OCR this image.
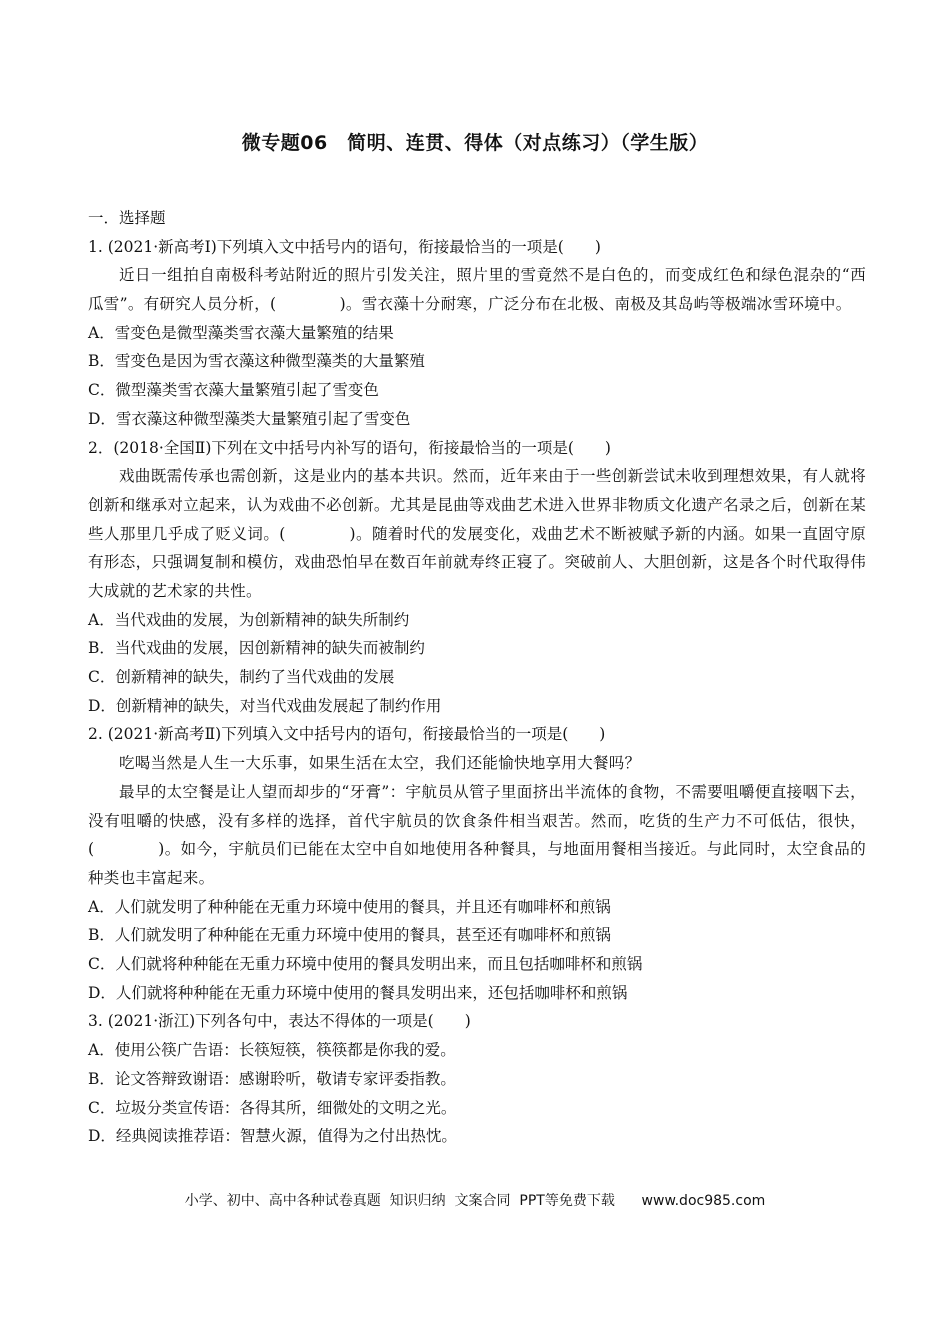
微专题06　简明、连贯、得体（对点练习）（学生版）
一．选择题
1. (2021·新高考Ⅰ)下列填入文中括号内的语句，衔接最恰当的一项是(　　)

近日一组拍自南极科考站附近的照片引发关注，照片里的雪竟然不是白色的，而变成红色和绿色混杂的“西瓜雪”。有研究人员分析，(　　　　)。雪衣藻十分耐寒，广泛分布在北极、南极及其岛屿等极端冰雪环境中。

A．雪变色是微型藻类雪衣藻大量繁殖的结果
B．雪变色是因为雪衣藻这种微型藻类的大量繁殖
C．微型藻类雪衣藻大量繁殖引起了雪变色
D．雪衣藻这种微型藻类大量繁殖引起了雪变色
2．(2018·全国Ⅱ)下列在文中括号内补写的语句，衔接最恰当的一项是(　　)

戏曲既需传承也需创新，这是业内的基本共识。然而，近年来由于一些创新尝试未收到理想效果，有人就将创新和继承对立起来，认为戏曲不必创新。尤其是昆曲等戏曲艺术进入世界非物质文化遗产名录之后，创新在某些人那里几乎成了贬义词。(　　　　)。随着时代的发展变化，戏曲艺术不断被赋予新的内涵。如果一直固守原有形态，只强调复制和模仿，戏曲恐怕早在数百年前就寿终正寝了。突破前人、大胆创新，这是各个时代取得伟大成就的艺术家的共性。

A．当代戏曲的发展，为创新精神的缺失所制约
B．当代戏曲的发展，因创新精神的缺失而被制约
C．创新精神的缺失，制约了当代戏曲的发展
D．创新精神的缺失，对当代戏曲发展起了制约作用
2. (2021·新高考Ⅱ)下列填入文中括号内的语句，衔接最恰当的一项是(　　)

吃喝当然是人生一大乐事，如果生活在太空，我们还能愉快地享用大餐吗？

最早的太空餐是让人望而却步的“牙膏”：宇航员从管子里面挤出半流体的食物，不需要咀嚼便直接咽下去，没有咀嚼的快感，没有多样的选择，首代宇航员的饮食条件相当艰苦。然而，吃货的生产力不可低估，很快，(　　　　)。如今，宇航员们已能在太空中自如地使用各种餐具，与地面用餐相当接近。与此同时，太空食品的种类也丰富起来。

A．人们就发明了种种能在无重力环境中使用的餐具，并且还有咖啡杯和煎锅
B．人们就发明了种种能在无重力环境中使用的餐具，甚至还有咖啡杯和煎锅
C．人们就将种种能在无重力环境中使用的餐具发明出来，而且包括咖啡杯和煎锅
D．人们就将种种能在无重力环境中使用的餐具发明出来，还包括咖啡杯和煎锅
3. (2021·浙江)下列各句中，表达不得体的一项是(　　)
A．使用公筷广告语：长筷短筷，筷筷都是你我的爱。
B．论文答辩致谢语：感谢聆听，敬请专家评委指教。
C．垃圾分类宣传语：各得其所，细微处的文明之光。
D．经典阅读推荐语：智慧火源，值得为之付出热忱。
小学、初中、高中各种试卷真题  知识归纳  文案合同  PPT等免费下载      www.doc985.com
